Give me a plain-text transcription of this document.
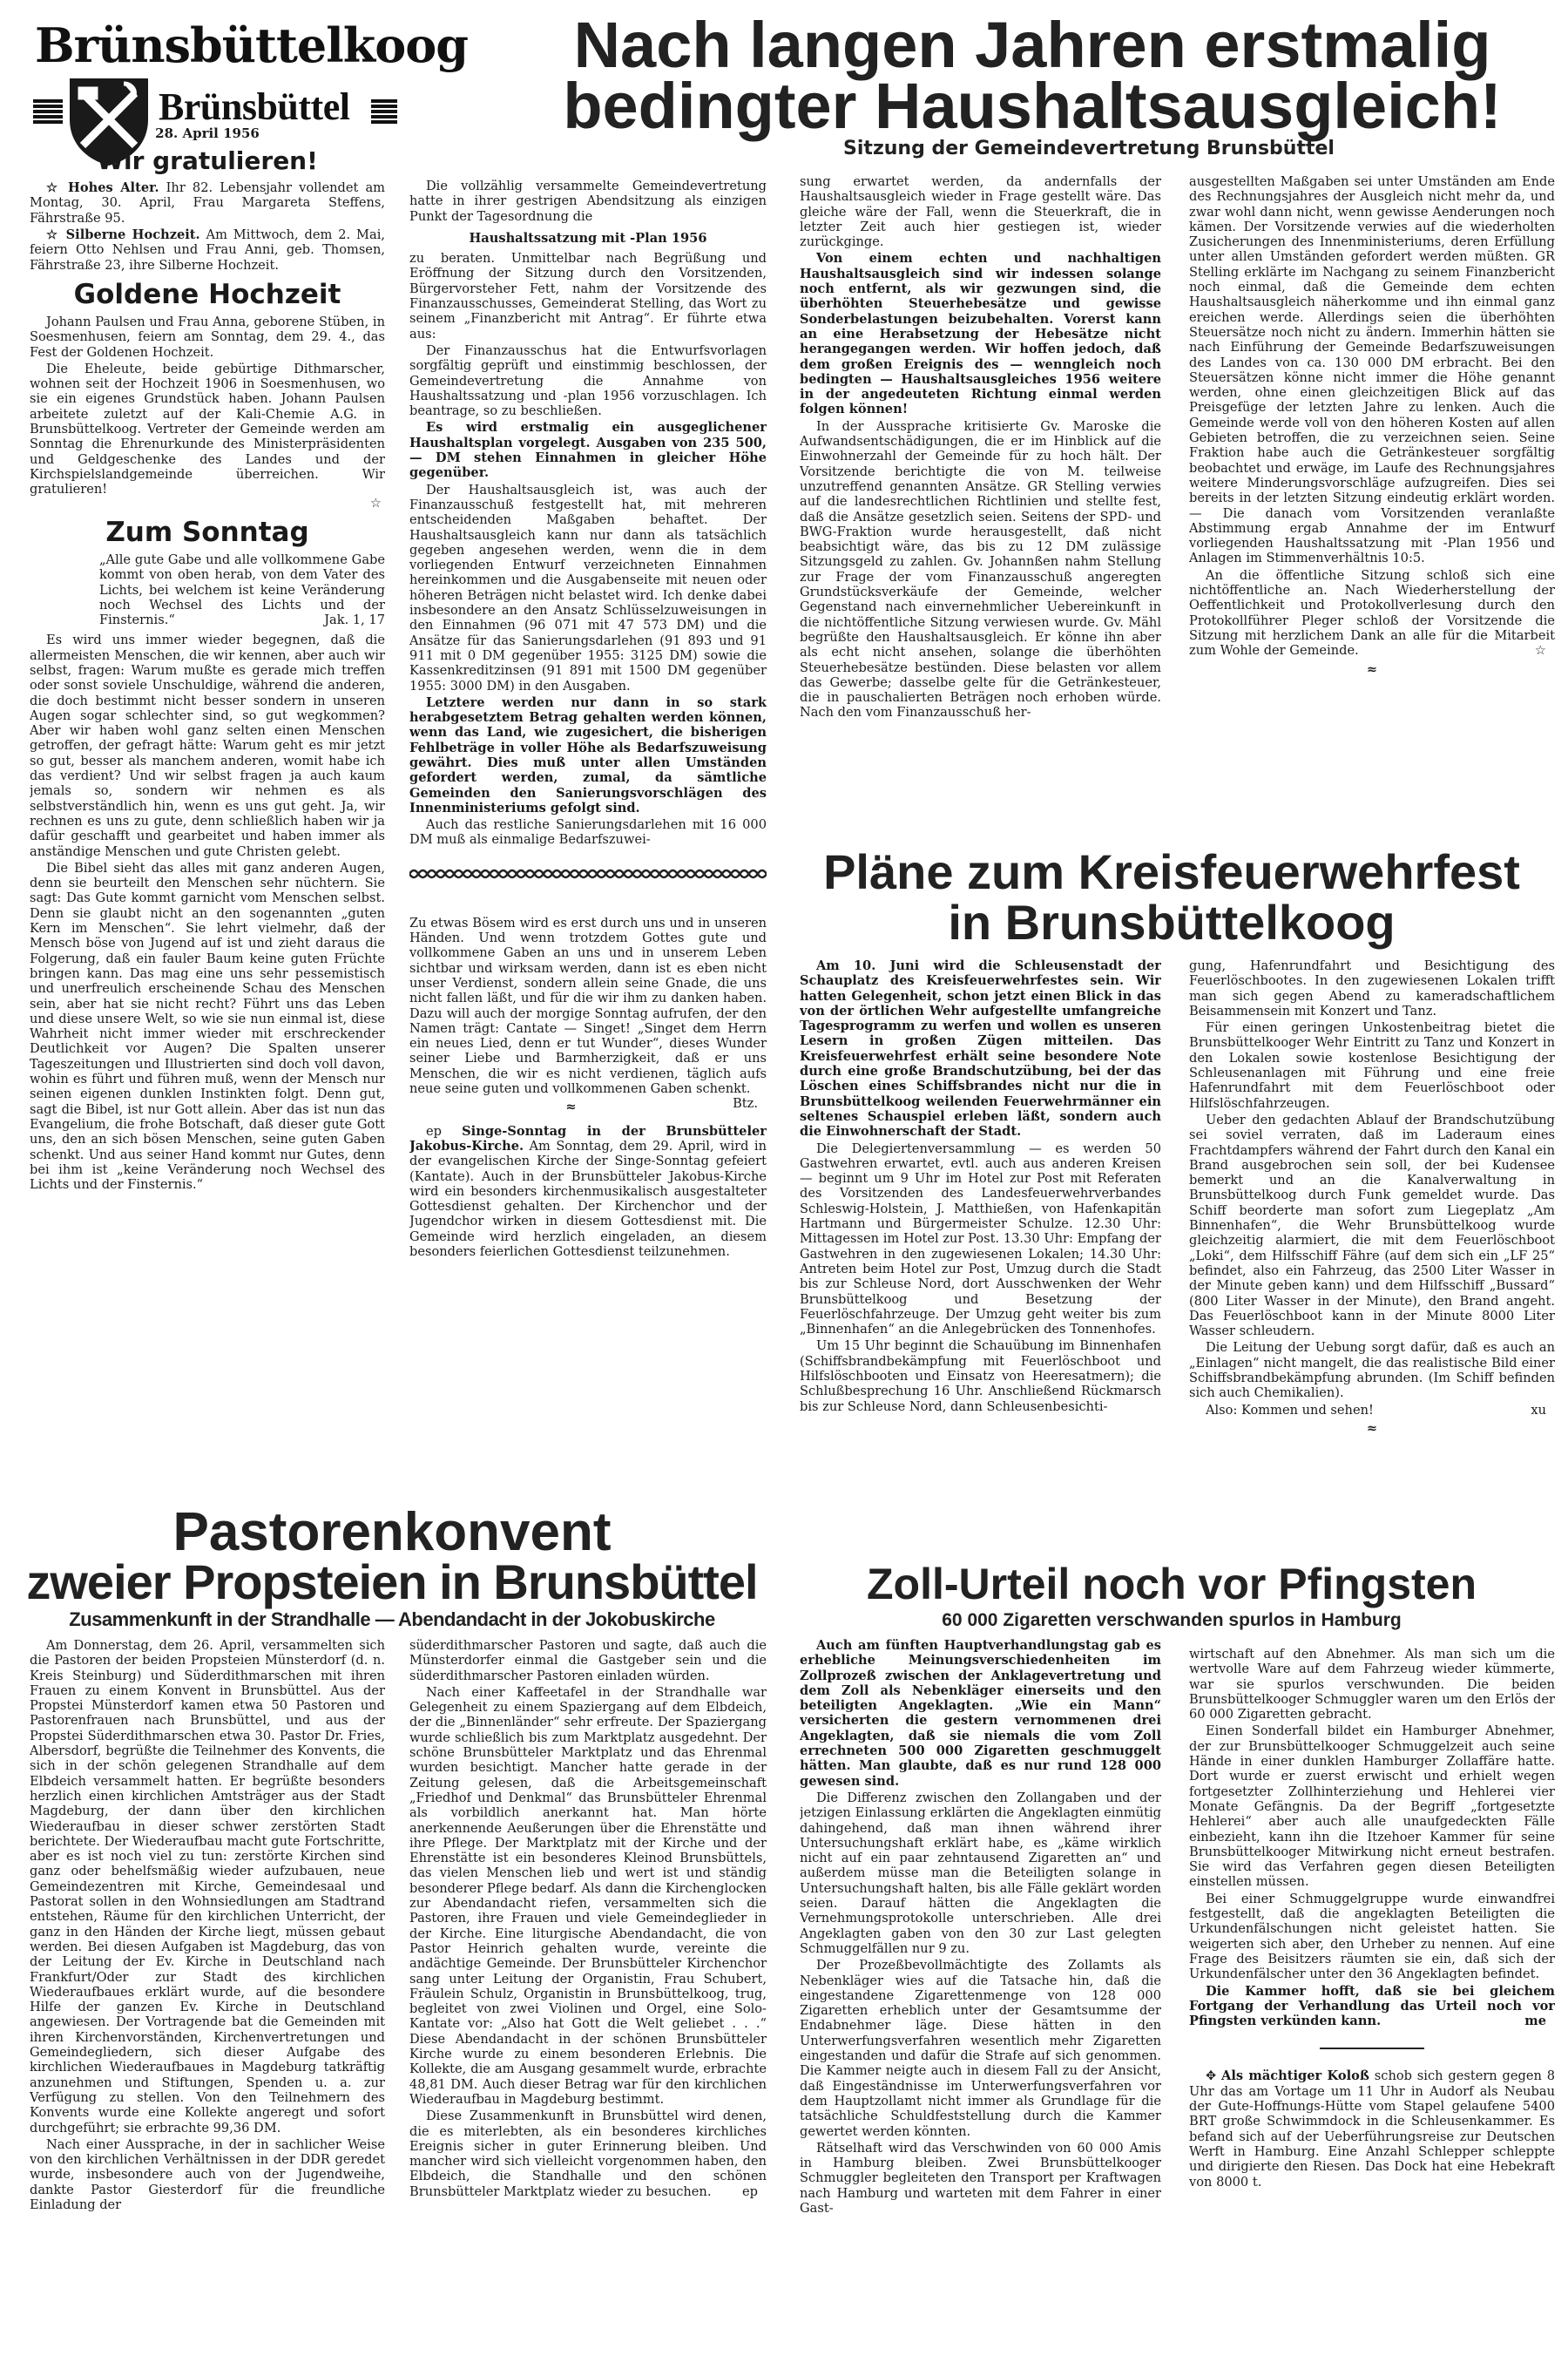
Brünsbüttelkoog
Brünsbüttel
Nach langen Jahren erstmalig
bedingter Haushaltsausgleich!
Sitzung der Gemeindevertretung Brunsbüttel
28. April 1956
Wir gratulieren!

☆ Hohes Alter. Ihr 82. Lebensjahr vollendet am Montag, 30. April, Frau Margareta Steffens, Fährstraße 95.

☆ Silberne Hochzeit. Am Mittwoch, dem 2. Mai, feiern Otto Nehlsen und Frau Anni, geb. Thomsen, Fährstraße 23, ihre Silberne Hochzeit.

Goldene Hochzeit

Johann Paulsen und Frau Anna, geborene Stüben, in Soesmenhusen, feiern am Sonntag, dem 29. 4., das Fest der Goldenen Hochzeit.

Die Eheleute, beide gebürtige Dithmarscher, wohnen seit der Hochzeit 1906 in Soesmenhusen, wo sie ein eigenes Grundstück haben. Johann Paulsen arbeitete zuletzt auf der Kali-Chemie A.G. in Brunsbüttelkoog. Vertreter der Gemeinde werden am Sonntag die Ehrenurkunde des Ministerpräsidenten und Geldgeschenke des Landes und der Kirchspielslandgemeinde überreichen. Wir gratulieren!

☆
Zum Sonntag

„Alle gute Gabe und alle vollkommene Gabe kommt von oben herab, von dem Vater des Lichts, bei welchem ist keine Veränderung noch Wechsel des Lichts und der Finsternis.“	Jak. 1, 17

Es wird uns immer wieder begegnen, daß die allermeisten Menschen, die wir kennen, aber auch wir selbst, fragen: Warum mußte es gerade mich treffen oder sonst soviele Unschuldige, während die anderen, die doch bestimmt nicht besser sondern in unseren Augen sogar schlechter sind, so gut wegkommen? Aber wir haben wohl ganz selten einen Menschen getroffen, der gefragt hätte: Warum geht es mir jetzt so gut, besser als manchem anderen, womit habe ich das verdient? Und wir selbst fragen ja auch kaum jemals so, sondern wir nehmen es als selbstverständlich hin, wenn es uns gut geht. Ja, wir rechnen es uns zu gute, denn schließlich haben wir ja dafür geschafft und gearbeitet und haben immer als anständige Menschen und gute Christen gelebt.

Die Bibel sieht das alles mit ganz anderen Augen, denn sie beurteilt den Menschen sehr nüchtern. Sie sagt: Das Gute kommt garnicht vom Menschen selbst. Denn sie glaubt nicht an den sogenannten „guten Kern im Menschen“. Sie lehrt vielmehr, daß der Mensch böse von Jugend auf ist und zieht daraus die Folgerung, daß ein fauler Baum keine guten Früchte bringen kann. Das mag eine uns sehr pessemistisch und unerfreulich erscheinende Schau des Menschen sein, aber hat sie nicht recht? Führt uns das Leben und diese unsere Welt, so wie sie nun einmal ist, diese Wahrheit nicht immer wieder mit erschreckender Deutlichkeit vor Augen? Die Spalten unserer Tageszeitungen und Illustrierten sind doch voll davon, wohin es führt und führen muß, wenn der Mensch nur seinen eigenen dunklen Instinkten folgt. Denn gut, sagt die Bibel, ist nur Gott allein. Aber das ist nun das Evangelium, die frohe Botschaft, daß dieser gute Gott uns, den an sich bösen Menschen, seine guten Gaben schenkt. Und aus seiner Hand kommt nur Gutes, denn bei ihm ist „keine Veränderung noch Wechsel des Lichts und der Finsternis.“

Die vollzählig versammelte Gemeindevertretung hatte in ihrer gestrigen Abendsitzung als einzigen Punkt der Tagesordnung die

Haushaltssatzung mit -Plan 1956

zu beraten. Unmittelbar nach Begrüßung und Eröffnung der Sitzung durch den Vorsitzenden, Bürgervorsteher Fett, nahm der Vorsitzende des Finanzausschusses, Gemeinderat Stelling, das Wort zu seinem „Finanzbericht mit Antrag“. Er führte etwa aus:

Der Finanzausschus hat die Entwurfsvorlagen sorgfältig geprüft und einstimmig beschlossen, der Gemeindevertretung die Annahme von Haushaltssatzung und -plan 1956 vorzuschlagen. Ich beantrage, so zu beschließen.

Es wird erstmalig ein ausgeglichener Haushaltsplan vorgelegt. Ausgaben von 235 500,— DM stehen Einnahmen in gleicher Höhe gegenüber.

Der Haushaltsausgleich ist, was auch der Finanzausschuß festgestellt hat, mit mehreren entscheidenden Maßgaben behaftet. Der Haushaltsausgleich kann nur dann als tatsächlich gegeben angesehen werden, wenn die in dem vorliegenden Entwurf verzeichneten Einnahmen hereinkommen und die Ausgabenseite mit neuen oder höheren Beträgen nicht belastet wird. Ich denke dabei insbesondere an den Ansatz Schlüsselzuweisungen in den Einnahmen (96 071 mit 47 573 DM) und die Ansätze für das Sanierungsdarlehen (91 893 und 91 911 mit 0 DM gegenüber 1955: 3125 DM) sowie die Kassenkreditzinsen (91 891 mit 1500 DM gegenüber 1955: 3000 DM) in den Ausgaben.

Letztere werden nur dann in so stark herabgesetztem Betrag gehalten werden können, wenn das Land, wie zugesichert, die bisherigen Fehlbeträge in voller Höhe als Bedarfszuweisung gewährt. Dies muß unter allen Umständen gefordert werden, zumal, da sämtliche Gemeinden den Sanierungsvorschlägen des Innenministeriums gefolgt sind.

Auch das restliche Sanierungsdarlehen mit 16 000 DM muß als einmalige Bedarfszuwei-

Zu etwas Bösem wird es erst durch uns und in unseren Händen. Und wenn trotzdem Gottes gute und vollkommene Gaben an uns und in unserem Leben sichtbar und wirksam werden, dann ist es eben nicht unser Verdienst, sondern allein seine Gnade, die uns nicht fallen läßt, und für die wir ihm zu danken haben. Dazu will auch der morgige Sonntag aufrufen, der den Namen trägt: Cantate — Singet! „Singet dem Herrn ein neues Lied, denn er tut Wunder“, dieses Wunder seiner Liebe und Barmherzigkeit, daß er uns Menschen, die wir es nicht verdienen, täglich aufs neue seine guten und vollkommenen Gaben schenkt.
Btz.

≈

ep Singe-Sonntag in der Brunsbütteler Jakobus-Kirche. Am Sonntag, dem 29. April, wird in der evangelischen Kirche der Singe-Sonntag gefeiert (Kantate). Auch in der Brunsbütteler Jakobus-Kirche wird ein besonders kirchenmusikalisch ausgestalteter Gottesdienst gehalten. Der Kirchenchor und der Jugendchor wirken in diesem Gottesdienst mit. Die Gemeinde wird herzlich eingeladen, an diesem besonders feierlichen Gottesdienst teilzunehmen.

sung erwartet werden, da andernfalls der Haushaltsausgleich wieder in Frage gestellt wäre. Das gleiche wäre der Fall, wenn die Steuerkraft, die in letzter Zeit auch hier gestiegen ist, wieder zurückginge.

Von einem echten und nachhaltigen Haushaltsausgleich sind wir indessen solange noch entfernt, als wir gezwungen sind, die überhöhten Steuerhebesätze und gewisse Sonderbelastungen beizubehalten. Vorerst kann an eine Herabsetzung der Hebesätze nicht herangegangen werden. Wir hoffen jedoch, daß dem großen Ereignis des — wenngleich noch bedingten — Haushaltsausgleiches 1956 weitere in der angedeuteten Richtung einmal werden folgen können!

In der Aussprache kritisierte Gv. Maroske die Aufwandsentschädigungen, die er im Hinblick auf die Einwohnerzahl der Gemeinde für zu hoch hält. Der Vorsitzende berichtigte die von M. teilweise unzutreffend genannten Ansätze. GR Stelling verwies auf die landesrechtlichen Richtlinien und stellte fest, daß die Ansätze gesetzlich seien. Seitens der SPD- und BWG-Fraktion wurde herausgestellt, daß nicht beabsichtigt wäre, das bis zu 12 DM zulässige Sitzungsgeld zu zahlen. Gv. Johannßen nahm Stellung zur Frage der vom Finanzausschuß angeregten Grundstücksverkäufe der Gemeinde, welcher Gegenstand nach einvernehmlicher Uebereinkunft in die nichtöffentliche Sitzung verwiesen wurde. Gv. Mähl begrüßte den Haushaltsausgleich. Er könne ihn aber als echt nicht ansehen, solange die überhöhten Steuerhebesätze bestünden. Diese belasten vor allem das Gewerbe; dasselbe gelte für die Getränkesteuer, die in pauschalierten Beträgen noch erhoben würde. Nach den vom Finanzausschuß her-

ausgestellten Maßgaben sei unter Umständen am Ende des Rechnungsjahres der Ausgleich nicht mehr da, und zwar wohl dann nicht, wenn gewisse Aenderungen noch kämen. Der Vorsitzende verwies auf die wiederholten Zusicherungen des Innenministeriums, deren Erfüllung unter allen Umständen gefordert werden müßten. GR Stelling erklärte im Nachgang zu seinem Finanzbericht noch einmal, daß die Gemeinde dem echten Haushaltsausgleich näherkomme und ihn einmal ganz ereichen werde. Allerdings seien die überhöhten Steuersätze noch nicht zu ändern. Immerhin hätten sie nach Einführung der Gemeinde Bedarfszuweisungen des Landes von ca. 130 000 DM erbracht. Bei den Steuersätzen könne nicht immer die Höhe genannt werden, ohne einen gleichzeitigen Blick auf das Preisgefüge der letzten Jahre zu lenken. Auch die Gemeinde werde voll von den höheren Kosten auf allen Gebieten betroffen, die zu verzeichnen seien. Seine Fraktion habe auch die Getränkesteuer sorgfältig beobachtet und erwäge, im Laufe des Rechnungsjahres weitere Minderungsvorschläge aufzugreifen. Dies sei bereits in der letzten Sitzung eindeutig erklärt worden. — Die danach vom Vorsitzenden veranlaßte Abstimmung ergab Annahme der im Entwurf vorliegenden Haushaltssatzung mit -Plan 1956 und Anlagen im Stimmenverhältnis 10:5.

An die öffentliche Sitzung schloß sich eine nichtöffentliche an. Nach Wiederherstellung der Oeffentlichkeit und Protokollverlesung durch den Protokollführer Pleger schloß der Vorsitzende die Sitzung mit herzlichem Dank an alle für die Mitarbeit zum Wohle der Gemeinde.	☆

≈
Pläne zum Kreisfeuerwehrfest
in Brunsbüttelkoog

Am 10. Juni wird die Schleusenstadt der Schauplatz des Kreisfeuerwehrfestes sein. Wir hatten Gelegenheit, schon jetzt einen Blick in das von der örtlichen Wehr aufgestellte umfangreiche Tagesprogramm zu werfen und wollen es unseren Lesern in großen Zügen mitteilen. Das Kreisfeuerwehrfest erhält seine besondere Note durch eine große Brandschutzübung, bei der das Löschen eines Schiffsbrandes nicht nur die in Brunsbüttelkoog weilenden Feuerwehrmänner ein seltenes Schauspiel erleben läßt, sondern auch die Einwohnerschaft der Stadt.

Die Delegiertenversammlung — es werden 50 Gastwehren erwartet, evtl. auch aus anderen Kreisen — beginnt um 9 Uhr im Hotel zur Post mit Referaten des Vorsitzenden des Landesfeuerwehrverbandes Schleswig-Holstein, J. Matthießen, von Hafenkapitän Hartmann und Bürgermeister Schulze. 12.30 Uhr: Mittagessen im Hotel zur Post. 13.30 Uhr: Empfang der Gastwehren in den zugewiesenen Lokalen; 14.30 Uhr: Antreten beim Hotel zur Post, Umzug durch die Stadt bis zur Schleuse Nord, dort Ausschwenken der Wehr Brunsbüttelkoog und Besetzung der Feuerlöschfahrzeuge. Der Umzug geht weiter bis zum „Binnenhafen“ an die Anlegebrücken des Tonnenhofes.

Um 15 Uhr beginnt die Schauübung im Binnenhafen (Schiffsbrandbekämpfung mit Feuerlöschboot und Hilfslöschbooten und Einsatz von Heeresatmern); die Schlußbesprechung 16 Uhr. Anschließend Rückmarsch bis zur Schleuse Nord, dann Schleusenbesichti-

gung, Hafenrundfahrt und Besichtigung des Feuerlöschbootes. In den zugewiesenen Lokalen trifft man sich gegen Abend zu kameradschaftlichem Beisammensein mit Konzert und Tanz.

Für einen geringen Unkostenbeitrag bietet die Brunsbüttelkooger Wehr Eintritt zu Tanz und Konzert in den Lokalen sowie kostenlose Besichtigung der Schleusenanlagen mit Führung und eine freie Hafenrundfahrt mit dem Feuerlöschboot oder Hilfslöschfahrzeugen.

Ueber den gedachten Ablauf der Brandschutzübung sei soviel verraten, daß im Laderaum eines Frachtdampfers während der Fahrt durch den Kanal ein Brand ausgebrochen sein soll, der bei Kudensee bemerkt und an die Kanalverwaltung in Brunsbüttelkoog durch Funk gemeldet wurde. Das Schiff beorderte man sofort zum Liegeplatz „Am Binnenhafen“, die Wehr Brunsbüttelkoog wurde gleichzeitig alarmiert, die mit dem Feuerlöschboot „Loki“, dem Hilfsschiff Fähre (auf dem sich ein „LF 25“ befindet, also ein Fahrzeug, das 2500 Liter Wasser in der Minute geben kann) und dem Hilfsschiff „Bussard“ (800 Liter Wasser in der Minute), den Brand angeht. Das Feuerlöschboot kann in der Minute 8000 Liter Wasser schleudern.

Die Leitung der Uebung sorgt dafür, daß es auch an „Einlagen“ nicht mangelt, die das realistische Bild einer Schiffsbrandbekämpfung abrunden. (Im Schiff befinden sich auch Chemikalien).

Also: Kommen und sehen!	xu

≈
Pastorenkonvent
zweier Propsteien in Brunsbüttel
Zusammenkunft in der Strandhalle — Abendandacht in der Jokobuskirche

Am Donnerstag, dem 26. April, versammelten sich die Pastoren der beiden Propsteien Münsterdorf (d. n. Kreis Steinburg) und Süderdithmarschen mit ihren Frauen zu einem Konvent in Brunsbüttel. Aus der Propstei Münsterdorf kamen etwa 50 Pastoren und Pastorenfrauen nach Brunsbüttel, und aus der Propstei Süderdithmarschen etwa 30. Pastor Dr. Fries, Albersdorf, begrüßte die Teilnehmer des Konvents, die sich in der schön gelegenen Strandhalle auf dem Elbdeich versammelt hatten. Er begrüßte besonders herzlich einen kirchlichen Amtsträger aus der Stadt Magdeburg, der dann über den kirchlichen Wiederaufbau in dieser schwer zerstörten Stadt berichtete. Der Wiederaufbau macht gute Fortschritte, aber es ist noch viel zu tun: zerstörte Kirchen sind ganz oder behelfsmäßig wieder aufzubauen, neue Gemeindezentren mit Kirche, Gemeindesaal und Pastorat sollen in den Wohnsiedlungen am Stadtrand entstehen, Räume für den kirchlichen Unterricht, der ganz in den Händen der Kirche liegt, müssen gebaut werden. Bei diesen Aufgaben ist Magdeburg, das von der Leitung der Ev. Kirche in Deutschland nach Frankfurt/Oder zur Stadt des kirchlichen Wiederaufbaues erklärt wurde, auf die besondere Hilfe der ganzen Ev. Kirche in Deutschland angewiesen. Der Vortragende bat die Gemeinden mit ihren Kirchenvorständen, Kirchenvertretungen und Gemeindegliedern, sich dieser Aufgabe des kirchlichen Wiederaufbaues in Magdeburg tatkräftig anzunehmen und Stiftungen, Spenden u. a. zur Verfügung zu stellen. Von den Teilnehmern des Konvents wurde eine Kollekte angeregt und sofort durchgeführt; sie erbrachte 99,36 DM.

Nach einer Aussprache, in der in sachlicher Weise von den kirchlichen Verhältnissen in der DDR geredet wurde, insbesondere auch von der Jugendweihe, dankte Pastor Giesterdorf für die freundliche Einladung der

süderdithmarscher Pastoren und sagte, daß auch die Münsterdorfer einmal die Gastgeber sein und die süderdithmarscher Pastoren einladen würden.

Nach einer Kaffeetafel in der Strandhalle war Gelegenheit zu einem Spaziergang auf dem Elbdeich, der die „Binnenländer“ sehr erfreute. Der Spaziergang wurde schließlich bis zum Marktplatz ausgedehnt. Der schöne Brunsbütteler Marktplatz und das Ehrenmal wurden besichtigt. Mancher hatte gerade in der Zeitung gelesen, daß die Arbeitsgemeinschaft „Friedhof und Denkmal“ das Brunsbütteler Ehrenmal als vorbildlich anerkannt hat. Man hörte anerkennende Aeußerungen über die Ehrenstätte und ihre Pflege. Der Marktplatz mit der Kirche und der Ehrenstätte ist ein besonderes Kleinod Brunsbüttels, das vielen Menschen lieb und wert ist und ständig besonderer Pflege bedarf. Als dann die Kirchenglocken zur Abendandacht riefen, versammelten sich die Pastoren, ihre Frauen und viele Gemeindeglieder in der Kirche. Eine liturgische Abendandacht, die von Pastor Heinrich gehalten wurde, vereinte die andächtige Gemeinde. Der Brunsbütteler Kirchenchor sang unter Leitung der Organistin, Frau Schubert, Fräulein Schulz, Organistin in Brunsbüttelkoog, trug, begleitet von zwei Violinen und Orgel, eine Solo-Kantate vor: „Also hat Gott die Welt geliebet . . .“ Diese Abendandacht in der schönen Brunsbütteler Kirche wurde zu einem besonderen Erlebnis. Die Kollekte, die am Ausgang gesammelt wurde, erbrachte 48,81 DM. Auch dieser Betrag war für den kirchlichen Wiederaufbau in Magdeburg bestimmt.

Diese Zusammenkunft in Brunsbüttel wird denen, die es miterlebten, als ein besonderes kirchliches Ereignis sicher in guter Erinnerung bleiben. Und mancher wird sich vielleicht vorgenommen haben, den Elbdeich, die Standhalle und den schönen Brunsbütteler Marktplatz wieder zu besuchen.	ep

Zoll-Urteil noch vor Pfingsten
60 000 Zigaretten verschwanden spurlos in Hamburg

Auch am fünften Hauptverhandlungstag gab es erhebliche Meinungsverschiedenheiten im Zollprozeß zwischen der Anklagevertretung und dem Zoll als Nebenkläger einerseits und den beteiligten Angeklagten. „Wie ein Mann“ versicherten die gestern vernommenen drei Angeklagten, daß sie niemals die vom Zoll errechneten 500 000 Zigaretten geschmuggelt hätten. Man glaubte, daß es nur rund 128 000 gewesen sind.

Die Differenz zwischen den Zollangaben und der jetzigen Einlassung erklärten die Angeklagten einmütig dahingehend, daß man ihnen während ihrer Untersuchungshaft erklärt habe, es „käme wirklich nicht auf ein paar zehntausend Zigaretten an“ und außerdem müsse man die Beteiligten solange in Untersuchungshaft halten, bis alle Fälle geklärt worden seien. Darauf hätten die Angeklagten die Vernehmungsprotokolle unterschrieben. Alle drei Angeklagten gaben von den 30 zur Last gelegten Schmuggelfällen nur 9 zu.

Der Prozeßbevollmächtigte des Zollamts als Nebenkläger wies auf die Tatsache hin, daß die eingestandene Zigarettenmenge von 128 000 Zigaretten erheblich unter der Gesamtsumme der Endabnehmer läge. Diese hätten in den Unterwerfungsverfahren wesentlich mehr Zigaretten eingestanden und dafür die Strafe auf sich genommen. Die Kammer neigte auch in diesem Fall zu der Ansicht, daß Eingeständnisse im Unterwerfungsverfahren vor dem Hauptzollamt nicht immer als Grundlage für die tatsächliche Schuldfeststellung durch die Kammer gewertet werden könnten.

Rätselhaft wird das Verschwinden von 60 000 Amis in Hamburg bleiben. Zwei Brunsbüttelkooger Schmuggler begleiteten den Transport per Kraftwagen nach Hamburg und warteten mit dem Fahrer in einer Gast-

wirtschaft auf den Abnehmer. Als man sich um die wertvolle Ware auf dem Fahrzeug wieder kümmerte, war sie spurlos verschwunden. Die beiden Brunsbüttelkooger Schmuggler waren um den Erlös der 60 000 Zigaretten gebracht.

Einen Sonderfall bildet ein Hamburger Abnehmer, der zur Brunsbüttelkooger Schmuggelzeit auch seine Hände in einer dunklen Hamburger Zollaffäre hatte. Dort wurde er zuerst erwischt und erhielt wegen fortgesetzter Zollhinterziehung und Hehlerei vier Monate Gefängnis. Da der Begriff „fortgesetzte Hehlerei“ aber auch alle unaufgedeckten Fälle einbezieht, kann ihn die Itzehoer Kammer für seine Brunsbüttelkooger Mitwirkung nicht erneut bestrafen. Sie wird das Verfahren gegen diesen Beteiligten einstellen müssen.

Bei einer Schmuggelgruppe wurde einwandfrei festgestellt, daß die angeklagten Beteiligten die Urkundenfälschungen nicht geleistet hatten. Sie weigerten sich aber, den Urheber zu nennen. Auf eine Frage des Beisitzers räumten sie ein, daß sich der Urkundenfälscher unter den 36 Angeklagten befindet.

Die Kammer hofft, daß sie bei gleichem Fortgang der Verhandlung das Urteil noch vor Pfingsten verkünden kann.	me

✥ Als mächtiger Koloß schob sich gestern gegen 8 Uhr das am Vortage um 11 Uhr in Audorf als Neubau der Gute-Hoffnungs-Hütte vom Stapel gelaufene 5400 BRT große Schwimmdock in die Schleusenkammer. Es befand sich auf der Ueberführungsreise zur Deutschen Werft in Hamburg. Eine Anzahl Schlepper schleppte und dirigierte den Riesen. Das Dock hat eine Hebekraft von 8000 t.
